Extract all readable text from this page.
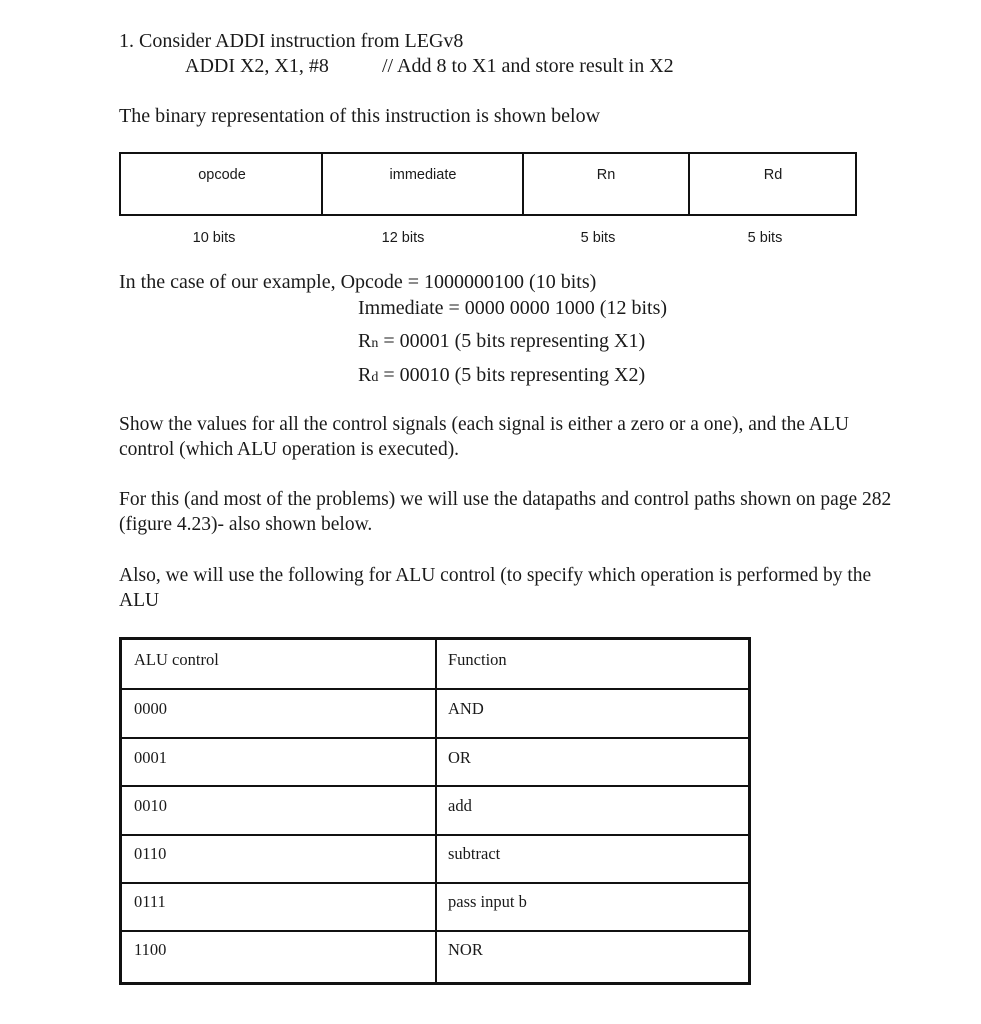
1. Consider ADDI instruction from LEGv8
ADDI X2, X1, #8	// Add 8 to X1 and store result in X2
The binary representation of this instruction is shown below
opcode	immediate	Rn	Rd
10 bits	12 bits	5 bits	5 bits
In the case of our example, Opcode = 1000000100 (10 bits)
Immediate = 0000 0000 1000 (12 bits)
Rn = 00001 (5 bits representing X1)
Rd = 00010 (5 bits representing X2)
Show the values for all the control signals (each signal is either a zero or a one), and the ALU
control (which ALU operation is executed).
For this (and most of the problems) we will use the datapaths and control paths shown on page 282
(figure 4.23)- also shown below.
Also, we will use the following for ALU control (to specify which operation is performed by the
ALU
ALU control	Function
0000	AND
0001	OR
0010	add
0110	subtract
0111	pass input b
1100	NOR
